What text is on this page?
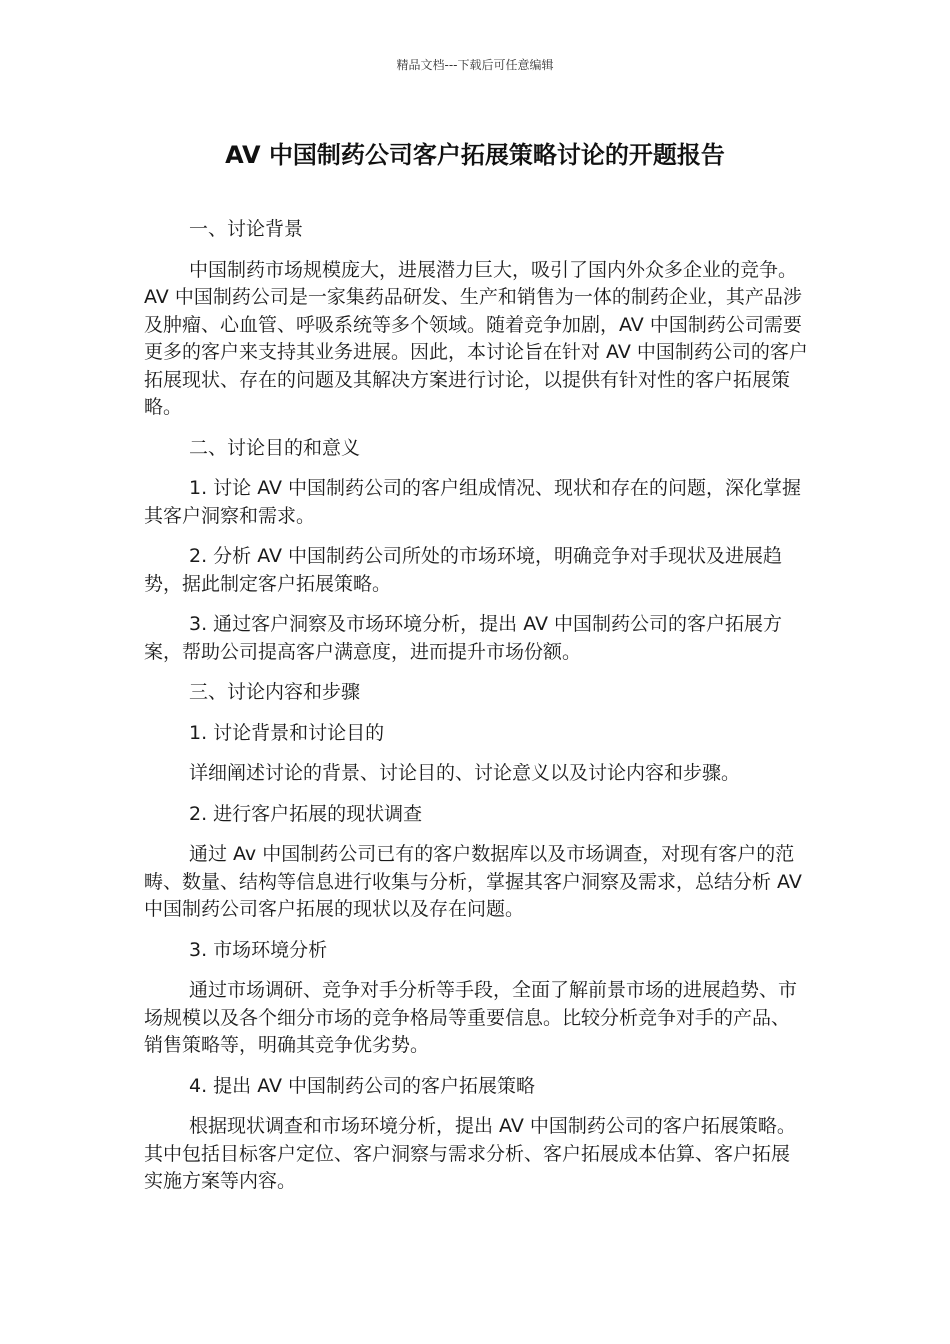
精品文档---下载后可任意编辑
AV 中国制药公司客户拓展策略讨论的开题报告

一、讨论背景

中国制药市场规模庞大，进展潜力巨大，吸引了国内外众多企业的竞争。AV 中国制药公司是一家集药品研发、生产和销售为一体的制药企业，其产品涉及肿瘤、心血管、呼吸系统等多个领域。随着竞争加剧，AV 中国制药公司需要更多的客户来支持其业务进展。因此，本讨论旨在针对 AV 中国制药公司的客户拓展现状、存在的问题及其解决方案进行讨论，以提供有针对性的客户拓展策略。

二、讨论目的和意义

1. 讨论 AV 中国制药公司的客户组成情况、现状和存在的问题，深化掌握其客户洞察和需求。

2. 分析 AV 中国制药公司所处的市场环境，明确竞争对手现状及进展趋势，据此制定客户拓展策略。

3. 通过客户洞察及市场环境分析，提出 AV 中国制药公司的客户拓展方案，帮助公司提高客户满意度，进而提升市场份额。

三、讨论内容和步骤

1. 讨论背景和讨论目的

详细阐述讨论的背景、讨论目的、讨论意义以及讨论内容和步骤。

2. 进行客户拓展的现状调查

通过 Av 中国制药公司已有的客户数据库以及市场调查，对现有客户的范畴、数量、结构等信息进行收集与分析，掌握其客户洞察及需求，总结分析 AV 中国制药公司客户拓展的现状以及存在问题。

3. 市场环境分析

通过市场调研、竞争对手分析等手段，全面了解前景市场的进展趋势、市场规模以及各个细分市场的竞争格局等重要信息。比较分析竞争对手的产品、销售策略等，明确其竞争优劣势。

4. 提出 AV 中国制药公司的客户拓展策略

根据现状调查和市场环境分析，提出 AV 中国制药公司的客户拓展策略。其中包括目标客户定位、客户洞察与需求分析、客户拓展成本估算、客户拓展实施方案等内容。
